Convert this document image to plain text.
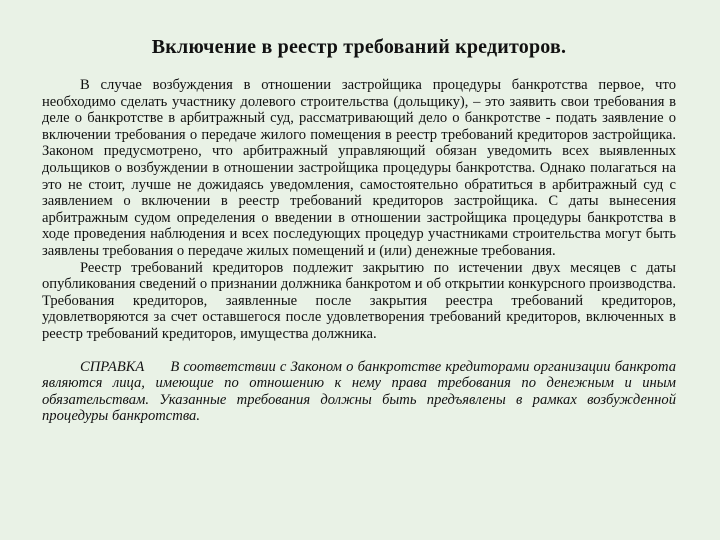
Включение в реестр требований кредиторов.

В случае возбуждения в отношении застройщика процедуры банкротства первое, что необходимо сделать участнику долевого строительства (дольщику), – это заявить свои требования в деле о банкротстве в арбитражный суд, рассматривающий дело о банкротстве - подать заявление о включении требования о передаче жилого помещения в реестр требований кредиторов застройщика. Законом предусмотрено, что арбитражный управляющий обязан уведомить всех выявленных дольщиков о возбуждении в отношении застройщика процедуры банкротства. Однако полагаться на это не стоит, лучше не дожидаясь уведомления, самостоятельно обратиться в арбитражный суд с заявлением о включении в реестр требований кредиторов застройщика. С даты вынесения арбитражным судом определения о введении в отношении застройщика процедуры банкротства в ходе проведения наблюдения и всех последующих процедур участниками строительства могут быть заявлены требования о передаче жилых помещений и (или) денежные требования.

Реестр требований кредиторов подлежит закрытию по истечении двух месяцев с даты опубликования сведений о признании должника банкротом и об открытии конкурсного производства. Требования кредиторов, заявленные после закрытия реестра требований кредиторов, удовлетворяются за счет оставшегося после удовлетворения требований кредиторов, включенных в реестр требований кредиторов, имущества должника.

СПРАВКА В соответствии с Законом о банкротстве кредиторами организации банкрота являются лица, имеющие по отношению к нему права требования по денежным и иным обязательствам. Указанные требования должны быть предъявлены в рамках возбужденной процедуры банкротства.
